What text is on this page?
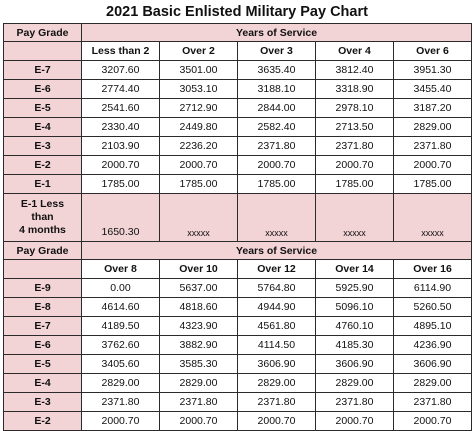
2021 Basic Enlisted Military Pay Chart
Pay Grade	Years of Service				
	Less than 2	Over 2	Over 3	Over 4	Over 6
E-7	3207.60	3501.00	3635.40	3812.40	3951.30
E-6	2774.40	3053.10	3188.10	3318.90	3455.40
E-5	2541.60	2712.90	2844.00	2978.10	3187.20
E-4	2330.40	2449.80	2582.40	2713.50	2829.00
E-3	2103.90	2236.20	2371.80	2371.80	2371.80
E-2	2000.70	2000.70	2000.70	2000.70	2000.70
E-1	1785.00	1785.00	1785.00	1785.00	1785.00

E-1 Less
than
4 months	1650.30	xxxxx	xxxxx	xxxxx	xxxxx
Pay Grade	Years of Service				
	Over 8	Over 10	Over 12	Over 14	Over 16
E-9	0.00	5637.00	5764.80	5925.90	6114.90
E-8	4614.60	4818.60	4944.90	5096.10	5260.50
E-7	4189.50	4323.90	4561.80	4760.10	4895.10
E-6	3762.60	3882.90	4114.50	4185.30	4236.90
E-5	3405.60	3585.30	3606.90	3606.90	3606.90
E-4	2829.00	2829.00	2829.00	2829.00	2829.00
E-3	2371.80	2371.80	2371.80	2371.80	2371.80
E-2	2000.70	2000.70	2000.70	2000.70	2000.70
